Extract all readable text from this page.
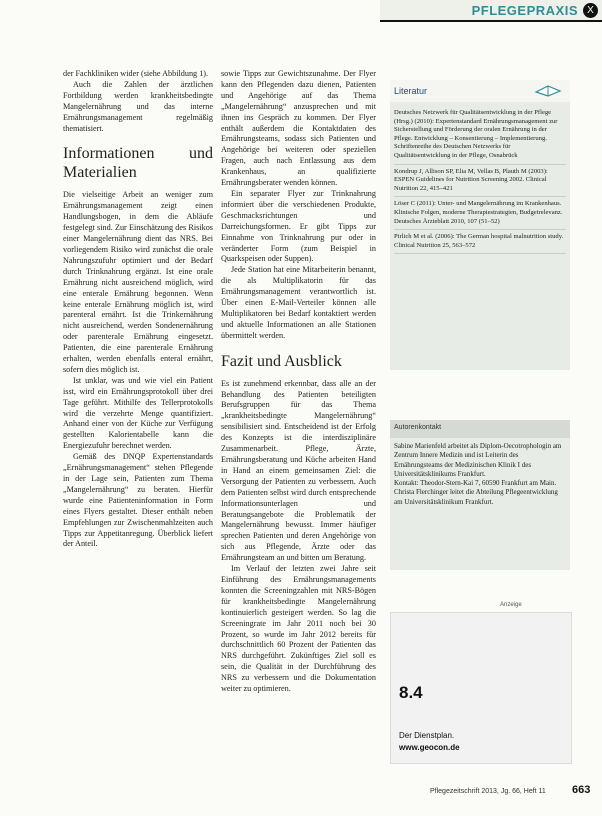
PFLEGEPRAXIS X

der Fachkliniken wider (siehe Abbildung 1).

Auch die Zahlen der ärztlichen Fortbildung werden krankheitsbedingte Mangelernährung und das interne Ernährungsmanagement regelmäßig thematisiert.

Informationen und Materialien

Die vielseitige Arbeit an weniger zum Ernährungsmanagement zeigt einen Handlungsbogen, in dem die Abläufe festgelegt sind. Zur Einschätzung des Risikos einer Mangelernährung dient das NRS. Bei vorliegendem Risiko wird zunächst die orale Nahrungszufuhr optimiert und der Bedarf durch Trinknahrung ergänzt. Ist eine orale Ernährung nicht ausreichend möglich, wird eine enterale Ernährung begonnen. Wenn keine enterale Ernährung möglich ist, wird parenteral ernährt. Ist die Trinkernährung nicht ausreichend, werden Sondenernährung oder parenterale Ernährung eingesetzt. Patienten, die eine parenterale Ernährung erhalten, werden ebenfalls enteral ernährt, sofern dies möglich ist.

Ist unklar, was und wie viel ein Patient isst, wird ein Ernährungsprotokoll über drei Tage geführt. Mithilfe des Tellerprotokolls wird die verzehrte Menge quantifiziert. Anhand einer von der Küche zur Verfügung gestellten Kalorientabelle kann die Energiezufuhr berechnet werden.

Gemäß des DNQP Expertenstandards „Ernährungsmanagement“ stehen Pflegende in der Lage sein, Patienten zum Thema „Mangelernährung“ zu beraten. Hierfür wurde eine Patienteninformation in Form eines Flyers gestaltet. Dieser enthält neben Empfehlungen zur Zwischenmahlzeiten auch Tipps zur Appetitanregung. Überblick liefert der Anteil.

sowie Tipps zur Gewichtszunahme. Der Flyer kann den Pflegenden dazu dienen, Patienten und Angehörige auf das Thema „Mangelernährung“ anzusprechen und mit ihnen ins Gespräch zu kommen. Der Flyer enthält außerdem die Kontaktdaten des Ernährungsteams, sodass sich Patienten und Angehörige bei weiteren oder speziellen Fragen, auch nach Entlassung aus dem Krankenhaus, an qualifizierte Ernährungsberater wenden können.

Ein separater Flyer zur Trinknahrung informiert über die verschiedenen Produkte, Geschmacksrichtungen und Darreichungsformen. Er gibt Tipps zur Einnahme von Trinknahrung pur oder in veränderter Form (zum Beispiel in Quarkspeisen oder Suppen).

Jede Station hat eine Mitarbeiterin benannt, die als Multiplikatorin für das Ernährungsmanagement verantwortlich ist. Über einen E-Mail-Verteiler können alle Multiplikatoren bei Bedarf kontaktiert werden und aktuelle Informationen an alle Stationen übermittelt werden.

Fazit und Ausblick

Es ist zunehmend erkennbar, dass alle an der Behandlung des Patienten beteiligten Berufsgruppen für das Thema „krankheitsbedingte Mangelernährung“ sensibilisiert sind. Entscheidend ist der Erfolg des Konzepts ist die interdisziplinäre Zusammenarbeit. Pflege, Ärzte, Ernährungsberatung und Küche arbeiten Hand in Hand an einem gemeinsamen Ziel: die Versorgung der Patienten zu verbessern. Auch dem Patienten selbst wird durch entsprechende Informationsunterlagen und Beratungsangebote die Problematik der Mangelernährung bewusst. Immer häufiger sprechen Patienten und deren Angehörige von sich aus Pflegende, Ärzte oder das Ernährungsteam an und bitten um Beratung.

Im Verlauf der letzten zwei Jahre seit Einführung des Ernährungsmanagements konnten die Screeningzahlen mit NRS-Bögen für krankheitsbedingte Mangelernährung kontinuierlich gesteigert werden. So lag die Screeningrate im Jahr 2011 noch bei 30 Prozent, so wurde im Jahr 2012 bereits für durchschnittlich 60 Prozent der Patienten das NRS durchgeführt. Zukünftiges Ziel soll es sein, die Qualität in der Durchführung des NRS zu verbessern und die Dokumentation weiter zu optimieren.

Literatur
Deutsches Netzwerk für Qualitätsentwicklung in der Pflege (Hrsg.) (2010): Expertenstandard Ernährungsmanagement zur Sicherstellung und Förderung der oralen Ernährung in der Pflege. Entwicklung – Konsentierung – Implementierung. Schriftenreihe des Deutschen Netzwerks für Qualitätsentwicklung in der Pflege, Osnabrück
Kondrup J, Allison SP, Elia M, Vellas B, Plauth M (2003): ESPEN Guidelines for Nutrition Screening 2002. Clinical Nutrition 22, 415–421
Löser C (2011): Unter- und Mangelernährung im Krankenhaus. Klinische Folgen, moderne Therapiestrategien, Budgetrelevanz. Deutsches Ärzteblatt 2010, 107 (51–52)
Pirlich M et al. (2006): The German hospital malnutrition study. Clinical Nutrition 25, 563–572
Autorenkontakt

Sabine Marienfeld arbeitet als Diplom-Oecotrophologin am Zentrum Innere Medizin und ist Leiterin des Ernährungsteams der Medizinischen Klinik I des Universitätsklinikums Frankfurt.

Kontakt: Theodor-Stern-Kai 7, 60590 Frankfurt am Main.

Christa Flerchinger leitet die Abteilung Pflegeentwicklung am Universitätsklinikum Frankfurt.

Anzeige
8.4
Der Dienstplan.
www.geocon.de
Pflegezeitschrift 2013, Jg. 66, Heft 11 663
